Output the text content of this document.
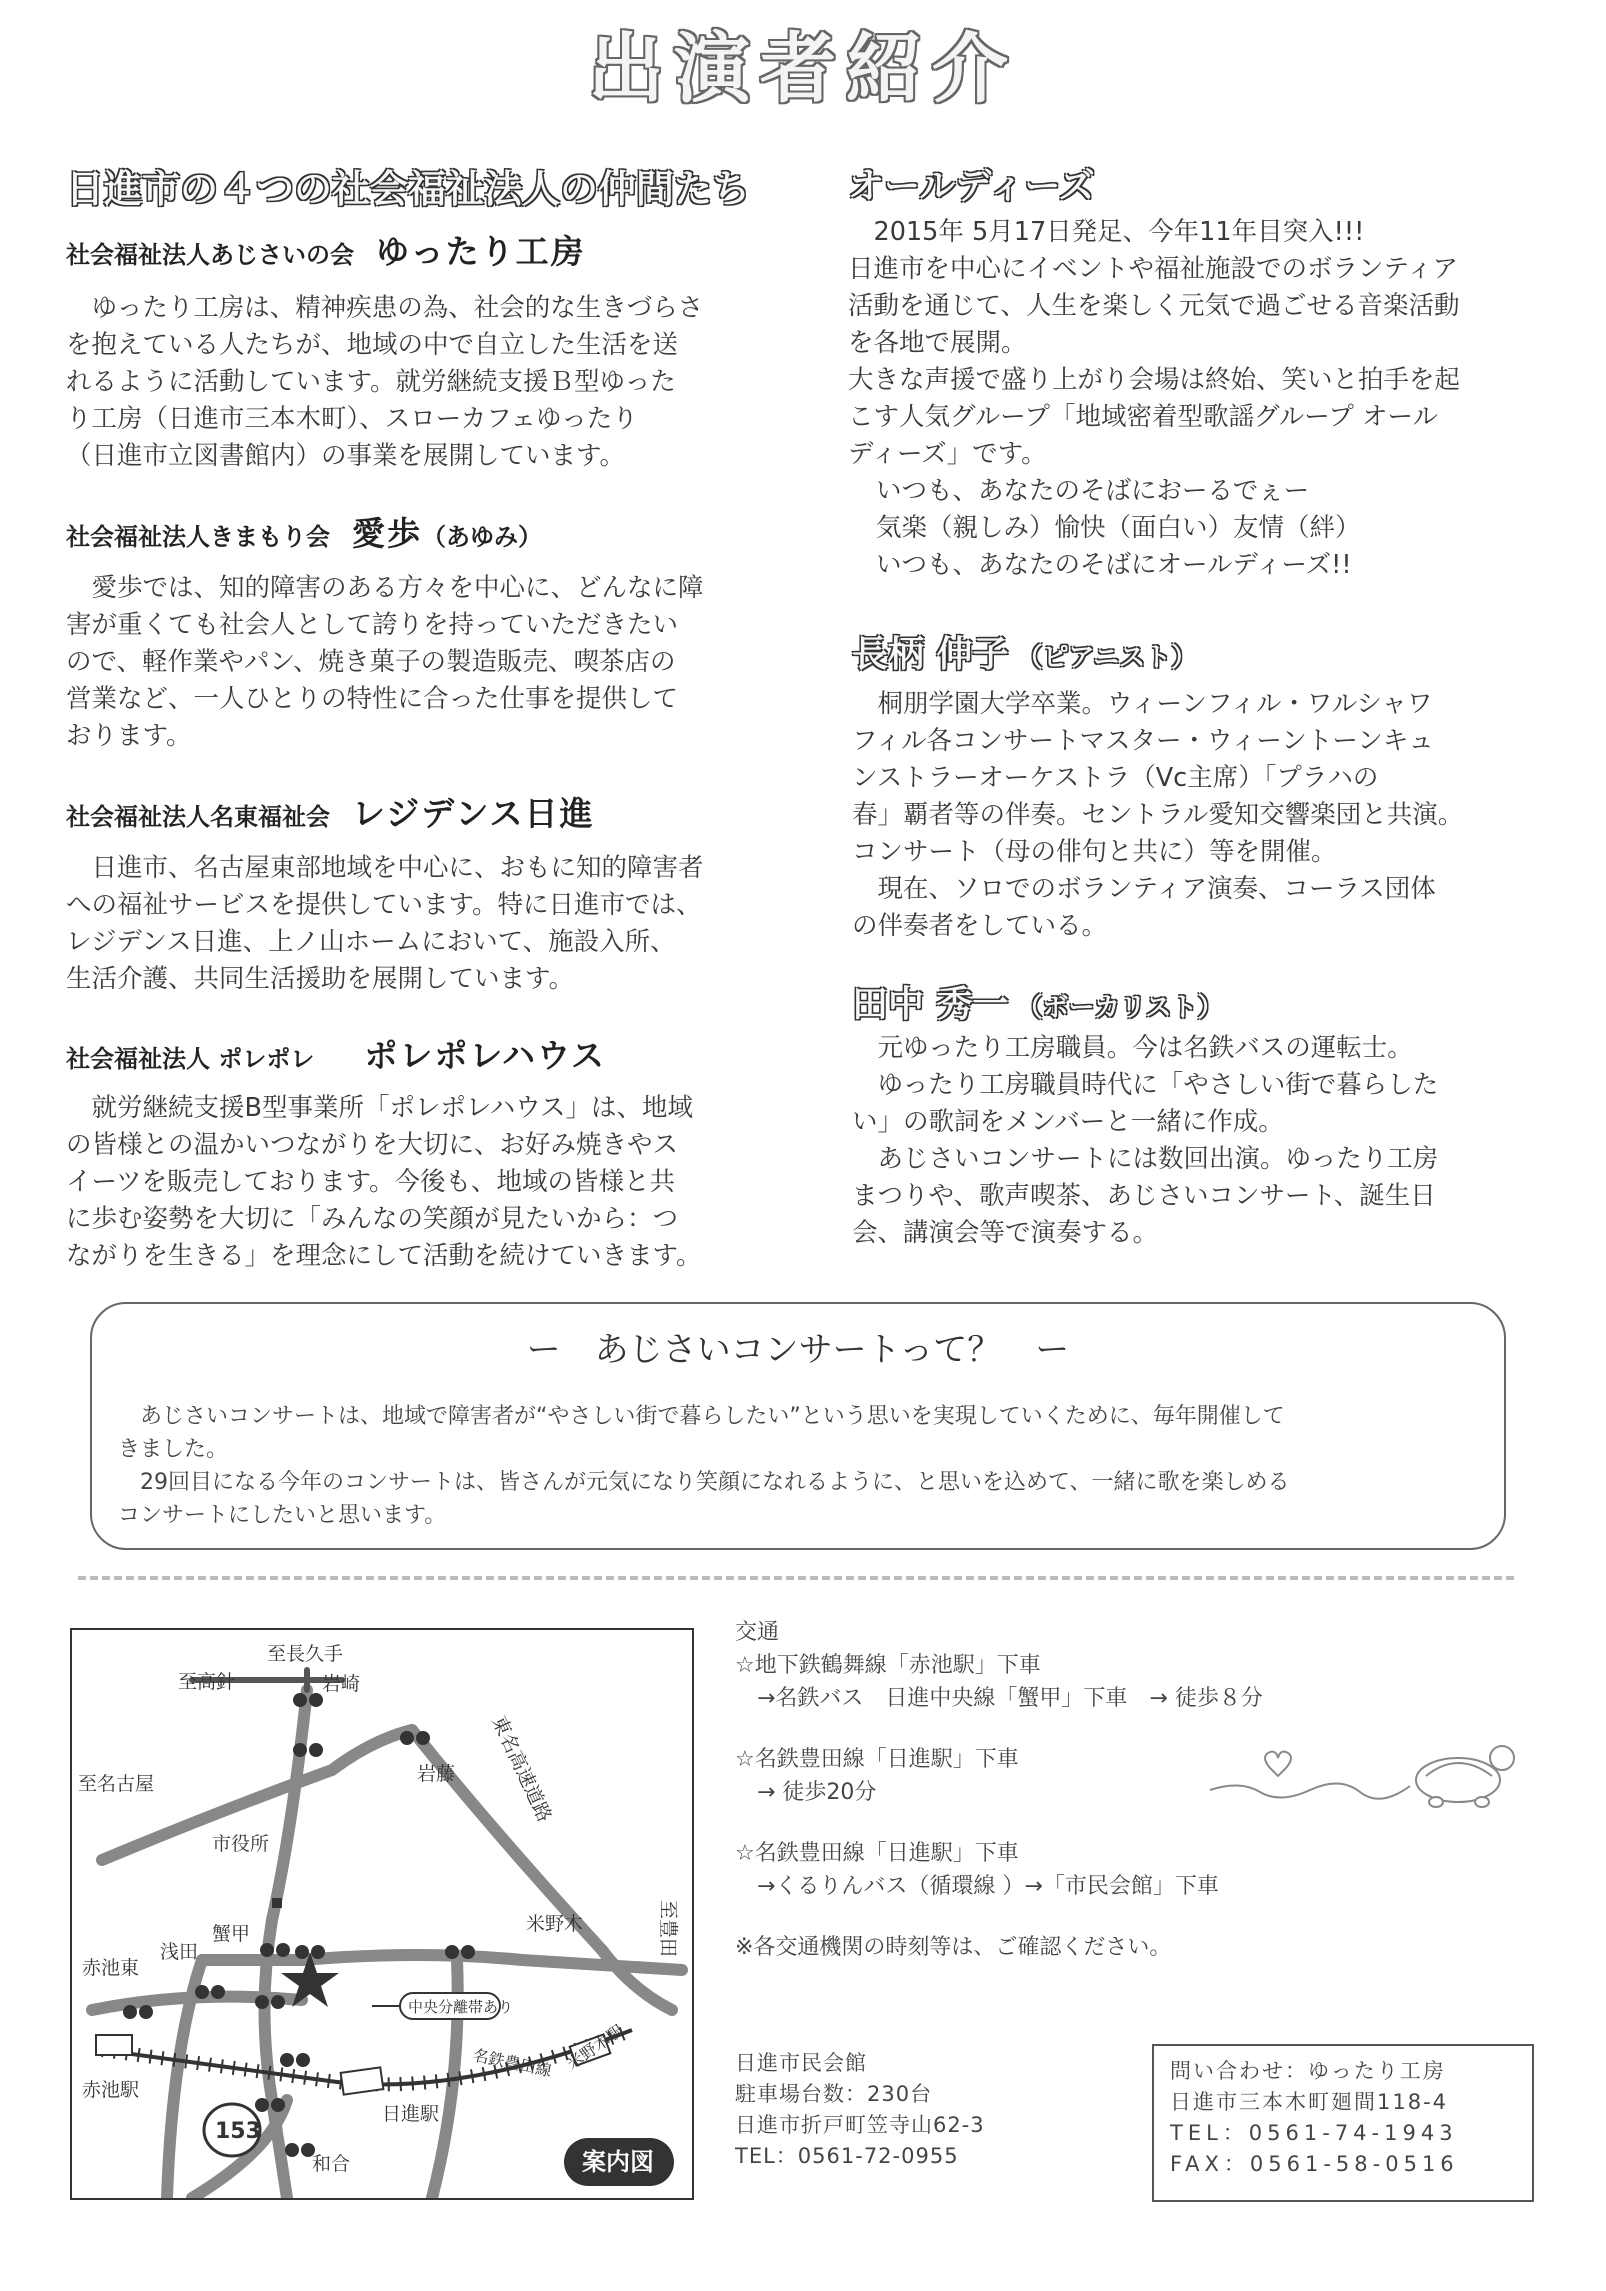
出演者紹介
日進市の４つの社会福祉法人の仲間たち
社会福祉法人あじさいの会 ゆったり工房

ゆったり工房は、精神疾患の為、社会的な生きづらさ

を抱えている人たちが、地域の中で自立した生活を送

れるように活動しています。就労継続支援Ｂ型ゆった

り工房（日進市三本木町）、スローカフェゆったり

（日進市立図書館内）の事業を展開しています。

社会福祉法人きまもり会 愛歩（あゆみ）

愛歩では、知的障害のある方々を中心に、どんなに障

害が重くても社会人として誇りを持っていただきたい

ので、軽作業やパン、焼き菓子の製造販売、喫茶店の

営業など、一人ひとりの特性に合った仕事を提供して

おります。

社会福祉法人名東福祉会 レジデンス日進

日進市、名古屋東部地域を中心に、おもに知的障害者

への福祉サービスを提供しています。特に日進市では、

レジデンス日進、上ノ山ホームにおいて、施設入所、

生活介護、共同生活援助を展開しています。

社会福祉法人 ポレポレ ポレポレハウス

就労継続支援B型事業所「ポレポレハウス」は、地域

の皆様との温かいつながりを大切に、お好み焼きやス

イーツを販売しております。今後も、地域の皆様と共

に歩む姿勢を大切に「みんなの笑顔が見たいから：つ

ながりを生きる」を理念にして活動を続けていきます。

オールディーズ

2015年 5月17日発足、今年11年目突入!!!

日進市を中心にイベントや福祉施設でのボランティア

活動を通じて、人生を楽しく元気で過ごせる音楽活動

を各地で展開。

大きな声援で盛り上がり会場は終始、笑いと拍手を起

こす人気グループ「地域密着型歌謡グループ オール

ディーズ」です。

いつも、あなたのそばにおーるでぇー
気楽（親しみ）愉快（面白い）友情（絆）
いつも、あなたのそばにオールディーズ!!
長柄 伸子 （ピアニスト）

桐朋学園大学卒業。ウィーンフィル・ワルシャワ

フィル各コンサートマスター・ウィーントーンキュ

ンストラーオーケストラ（Vc主席）「プラハの

春」覇者等の伴奏。セントラル愛知交響楽団と共演。

コンサート（母の俳句と共に）等を開催。

現在、ソロでのボランティア演奏、コーラス団体

の伴奏者をしている。

田中 秀一 （ボーカリスト）

元ゆったり工房職員。今は名鉄バスの運転士。

ゆったり工房職員時代に「やさしい街で暮らした

い」の歌詞をメンバーと一緒に作成。

あじさいコンサートには数回出演。ゆったり工房

まつりや、歌声喫茶、あじさいコンサート、誕生日

会、講演会等で演奏する。

ー　あじさいコンサートって？　ー

あじさいコンサートは、地域で障害者が“やさしい街で暮らしたい”という思いを実現していくために、毎年開催して

きました。

29回目になる今年のコンサートは、皆さんが元気になり笑顔になれるように、と思いを込めて、一緒に歌を楽しめる

コンサートにしたいと思います。

至長久手
至高針	岩崎
岩藤 東名高速道路
至名古屋
市役所
米野木
蟹甲
浅田
赤池東
至豊田
中央分離帯あり
赤池駅
名鉄豊田線
日進駅
米野木駅
153
和合	案内図
交通
☆地下鉄鶴舞線「赤池駅」下車
→名鉄バス　日進中央線「蟹甲」下車　→ 徒歩８分
☆名鉄豊田線「日進駅」下車
→ 徒歩20分
☆名鉄豊田線「日進駅」下車
→くるりんバス（循環線 ）→「市民会館」下車
※各交通機関の時刻等は、ご確認ください。
日進市民会館
駐車場台数：230台
日進市折戸町笠寺山62-3
TEL：0561-72-0955
問い合わせ：ゆったり工房
日進市三本木町廻間118-4
TEL：0561-74-1943
FAX：0561-58-0516
